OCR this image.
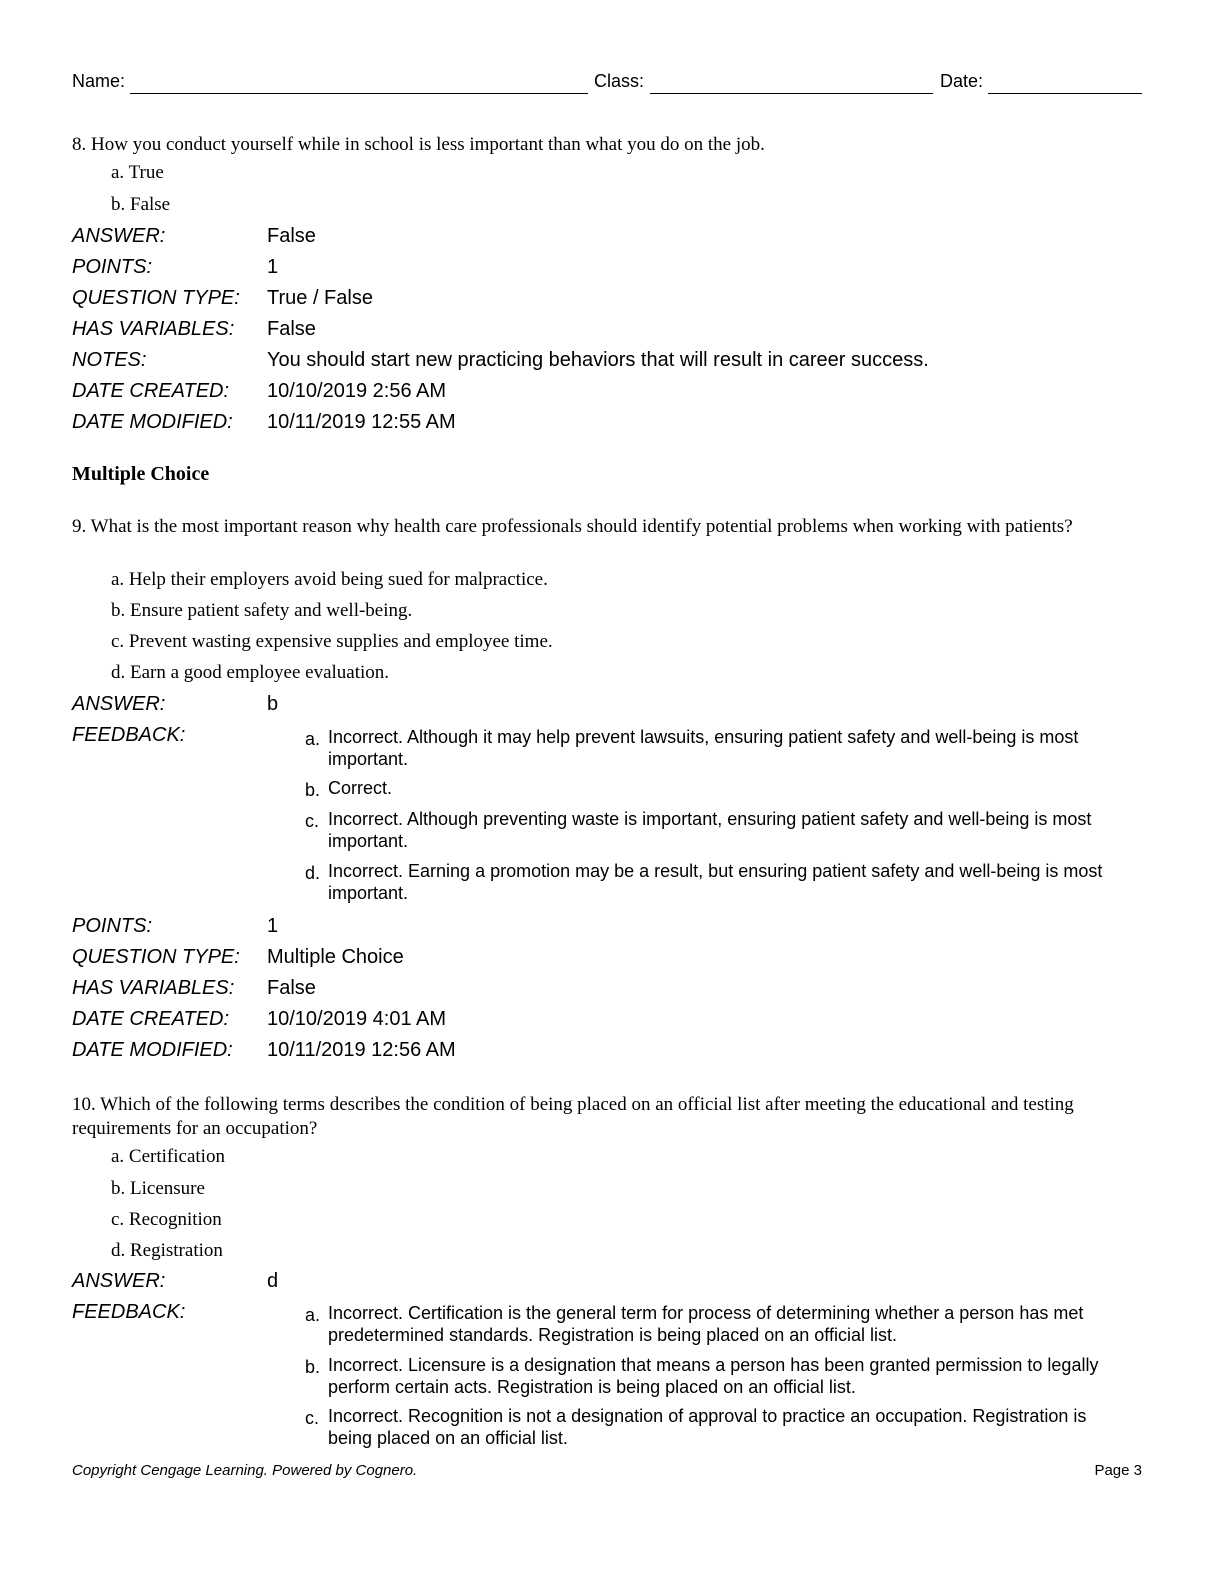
Name:	Class:	Date:
8. How you conduct yourself while in school is less important than what you do on the job.
a. True
b. False
ANSWER:	False
POINTS:	1
QUESTION TYPE: True / False
HAS VARIABLES: False
NOTES:	You should start new practicing behaviors that will result in career success.
DATE CREATED: 10/10/2019 2:56 AM
DATE MODIFIED: 10/11/2019 12:55 AM
Multiple Choice
9. What is the most important reason why health care professionals should identify potential problems when working with patients?
a. Help their employers avoid being sued for malpractice.
b. Ensure patient safety and well-being.
c. Prevent wasting expensive supplies and employee time.
d. Earn a good employee evaluation.
ANSWER:	b
FEEDBACK:	a. Incorrect. Although it may help prevent lawsuits, ensuring patient safety and well-being is most important.
b. Correct.
c. Incorrect. Although preventing waste is important, ensuring patient safety and well-being is most important.
d. Incorrect. Earning a promotion may be a result, but ensuring patient safety and well-being is most important.
POINTS:	1
QUESTION TYPE: Multiple Choice
HAS VARIABLES: False
DATE CREATED: 10/10/2019 4:01 AM
DATE MODIFIED: 10/11/2019 12:56 AM
10. Which of the following terms describes the condition of being placed on an official list after meeting the educational and testing requirements for an occupation?
a. Certification
b. Licensure
c. Recognition
d. Registration
ANSWER:	d
FEEDBACK:	a. Incorrect. Certification is the general term for process of determining whether a person has met predetermined standards. Registration is being placed on an official list.
b. Incorrect. Licensure is a designation that means a person has been granted permission to legally perform certain acts. Registration is being placed on an official list.
c. Incorrect. Recognition is not a designation of approval to practice an occupation. Registration is being placed on an official list.
Copyright Cengage Learning. Powered by Cognero.	Page 3
